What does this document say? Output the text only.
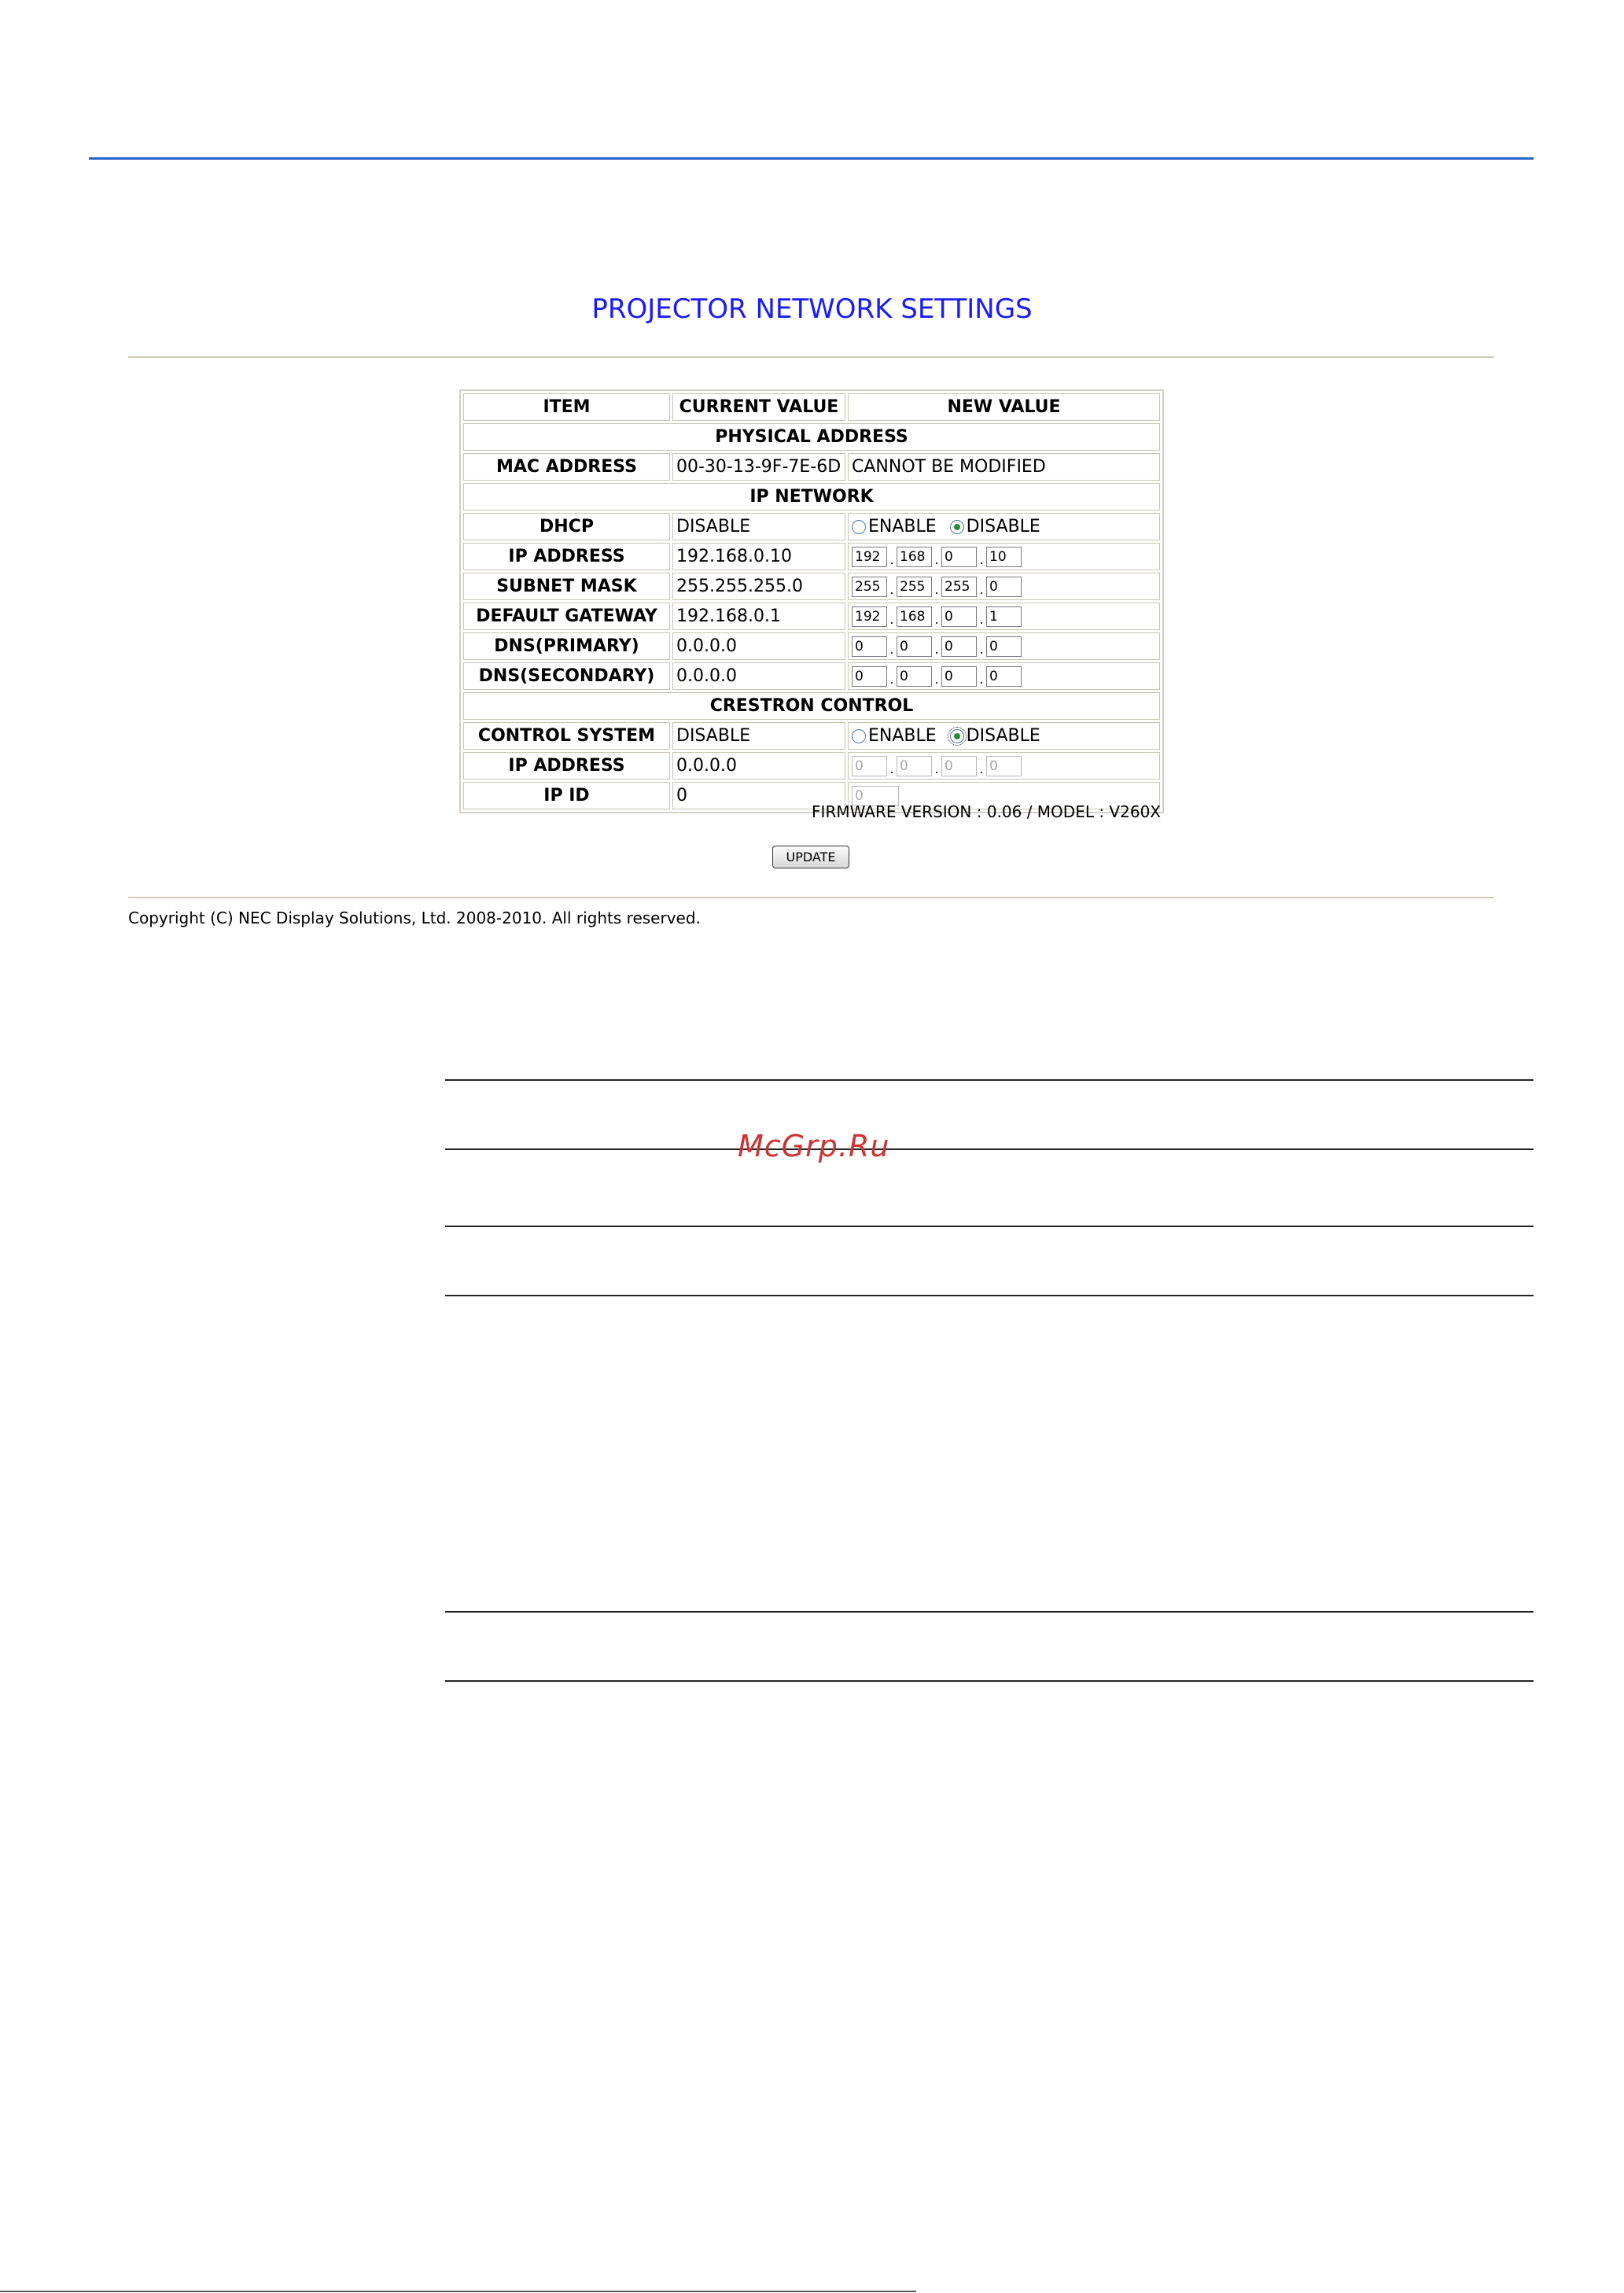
PROJECTOR NETWORK SETTINGS
ITEM	CURRENT VALUE	NEW VALUE
PHYSICAL ADDRESS		
MAC ADDRESS	00-30-13-9F-7E-6D	CANNOT BE MODIFIED
IP NETWORK		
DHCP	DISABLE	ENABLE DISABLE
IP ADDRESS	192.168.0.10	192 . 168 . 0 . 10
SUBNET MASK	255.255.255.0	255 . 255 . 255 . 0
DEFAULT GATEWAY	192.168.0.1	192 . 168 . 0 . 1
DNS(PRIMARY)	0.0.0.0	0 . 0 . 0 . 0
DNS(SECONDARY)	0.0.0.0	0 . 0 . 0 . 0
CRESTRON CONTROL		
CONTROL SYSTEM	DISABLE	ENABLE DISABLE
IP ADDRESS	0.0.0.0	0 . 0 . 0 . 0
IP ID	0	0
FIRMWARE VERSION : 0.06 / MODEL : V260X
UPDATE
Copyright (C) NEC Display Solutions, Ltd. 2008-2010. All rights reserved.
McGrp.Ru
